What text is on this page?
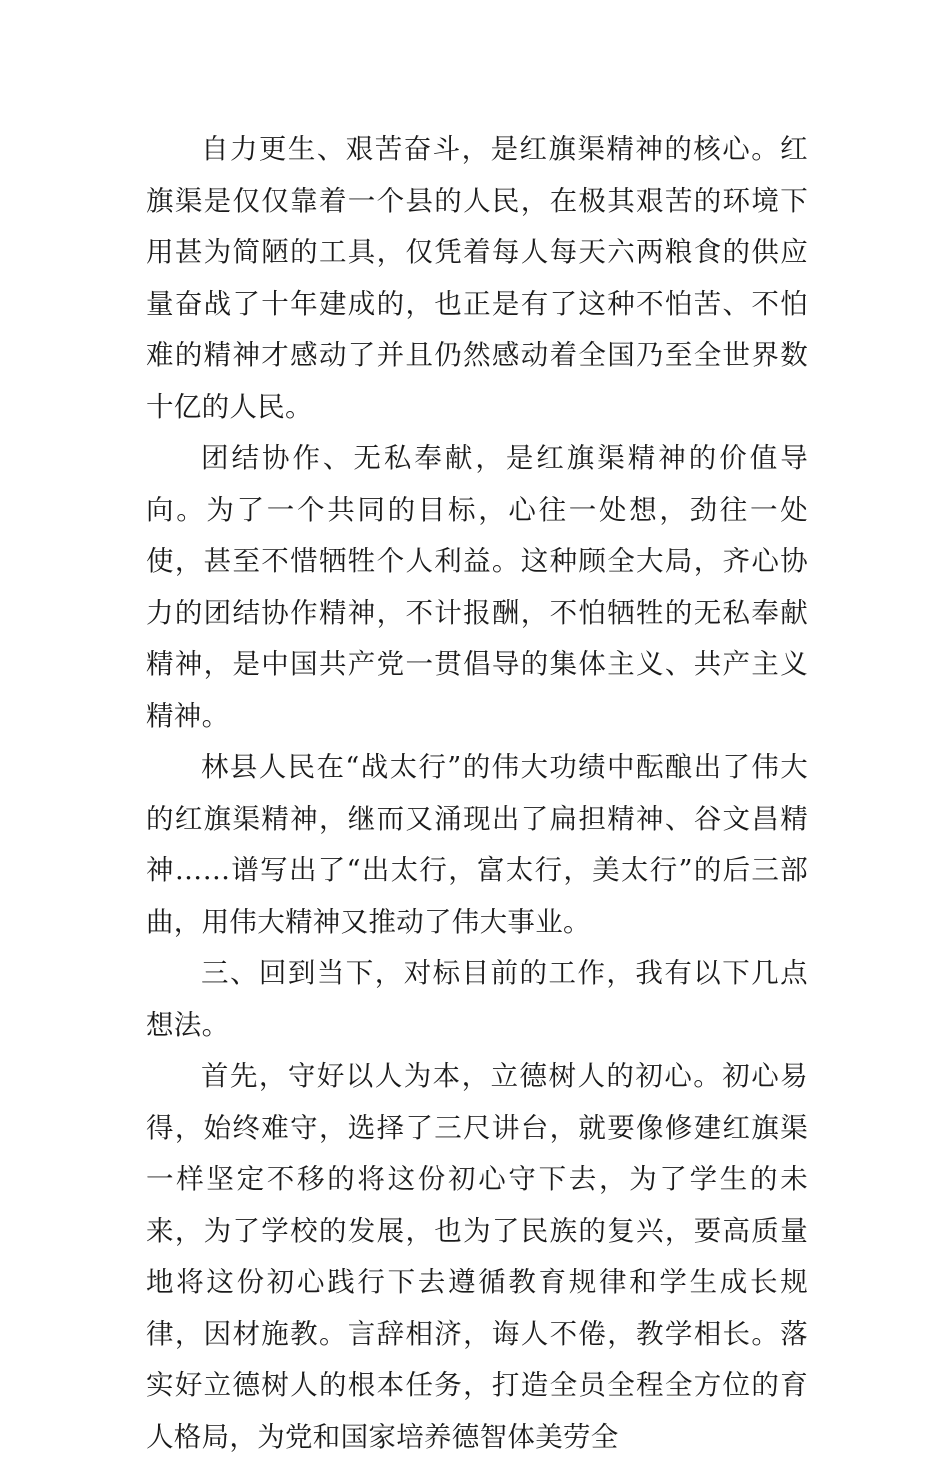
自力更生、艰苦奋斗，是红旗渠精神的核心。红旗渠是仅仅靠着一个县的人民，在极其艰苦的环境下用甚为简陋的工具，仅凭着每人每天六两粮食的供应量奋战了十年建成的，也正是有了这种不怕苦、不怕难的精神才感动了并且仍然感动着全国乃至全世界数十亿的人民。

团结协作、无私奉献，是红旗渠精神的价值导向。为了一个共同的目标，心往一处想，劲往一处使，甚至不惜牺牲个人利益。这种顾全大局，齐心协力的团结协作精神，不计报酬，不怕牺牲的无私奉献精神，是中国共产党一贯倡导的集体主义、共产主义精神。

林县人民在“战太行”的伟大功绩中酝酿出了伟大的红旗渠精神，继而又涌现出了扁担精神、谷文昌精神……谱写出了“出太行，富太行，美太行”的后三部曲，用伟大精神又推动了伟大事业。

三、回到当下，对标目前的工作，我有以下几点想法。

首先，守好以人为本，立德树人的初心。初心易得，始终难守，选择了三尺讲台，就要像修建红旗渠一样坚定不移的将这份初心守下去，为了学生的未来，为了学校的发展，也为了民族的复兴，要高质量地将这份初心践行下去遵循教育规律和学生成长规律，因材施教。言辞相济，诲人不倦，教学相长。落实好立德树人的根本任务，打造全员全程全方位的育人格局，为党和国家培养德智体美劳全
